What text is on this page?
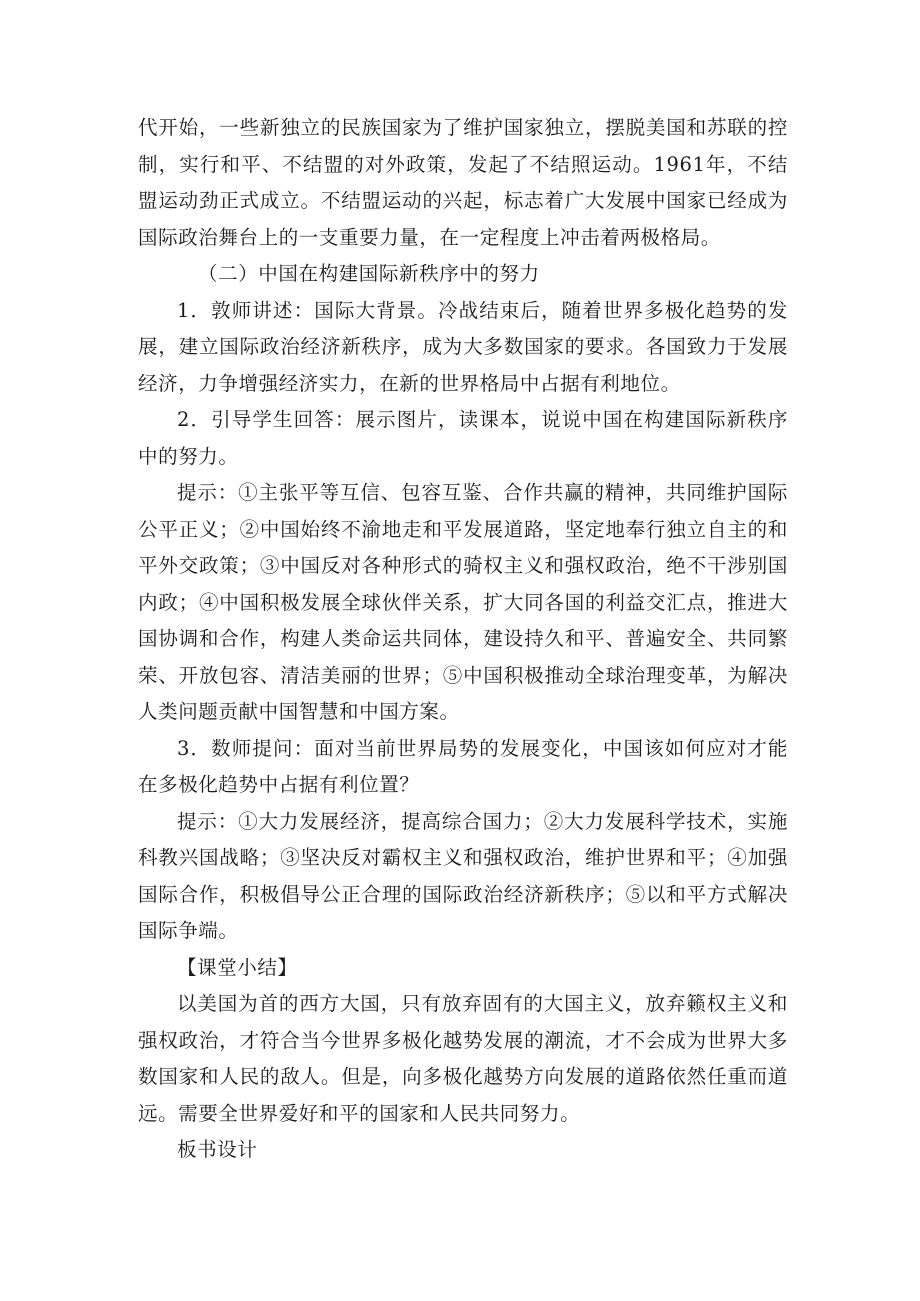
代开始，一些新独立的民族国家为了维护国家独立，摆脱美国和苏联的控制，实行和平、不结盟的对外政策，发起了不结照运动。1961年，不结盟运动劲正式成立。不结盟运动的兴起，标志着广大发展中国家已经成为国际政治舞台上的一支重要力量，在一定程度上冲击着两极格局。

（二）中国在构建国际新秩序中的努力

1．敦师讲述：国际大背景。冷战结束后，随着世界多极化趋势的发展，建立国际政治经济新秩序，成为大多数国家的要求。各国致力于发展经济，力争增强经济实力，在新的世界格局中占据有利地位。

2．引导学生回答：展示图片，读课本，说说中国在构建国际新秩序中的努力。

提示：①主张平等互信、包容互鉴、合作共赢的精神，共同维护国际公平正义；②中国始终不渝地走和平发展道路，坚定地奉行独立自主的和平外交政策；③中国反对各种形式的骑权主义和强权政治，绝不干涉别国内政；④中国积极发展全球伙伴关系，扩大同各国的利益交汇点，推进大国协调和合作，构建人类命运共同体，建设持久和平、普遍安全、共同繁荣、开放包容、清洁美丽的世界；⑤中国积极推动全球治理变革，为解决人类问题贡献中国智慧和中国方案。

3．数师提问：面对当前世界局势的发展变化，中国该如何应对才能在多极化趋势中占据有利位置？

提示：①大力发展经济，提高综合国力；②大力发展科学技术，实施科教兴国战略；③坚决反对霸权主义和强权政治，维护世界和平；④加强国际合作，积极倡导公正合理的国际政治经济新秩序；⑤以和平方式解决国际争端。

【课堂小结】

以美国为首的西方大国，只有放弃固有的大国主义，放弃籁权主义和强权政治，才符合当今世界多极化越势发展的潮流，才不会成为世界大多数国家和人民的敌人。但是，向多极化越势方向发展的道路依然任重而道远。需要全世界爱好和平的国家和人民共同努力。

板书设计
